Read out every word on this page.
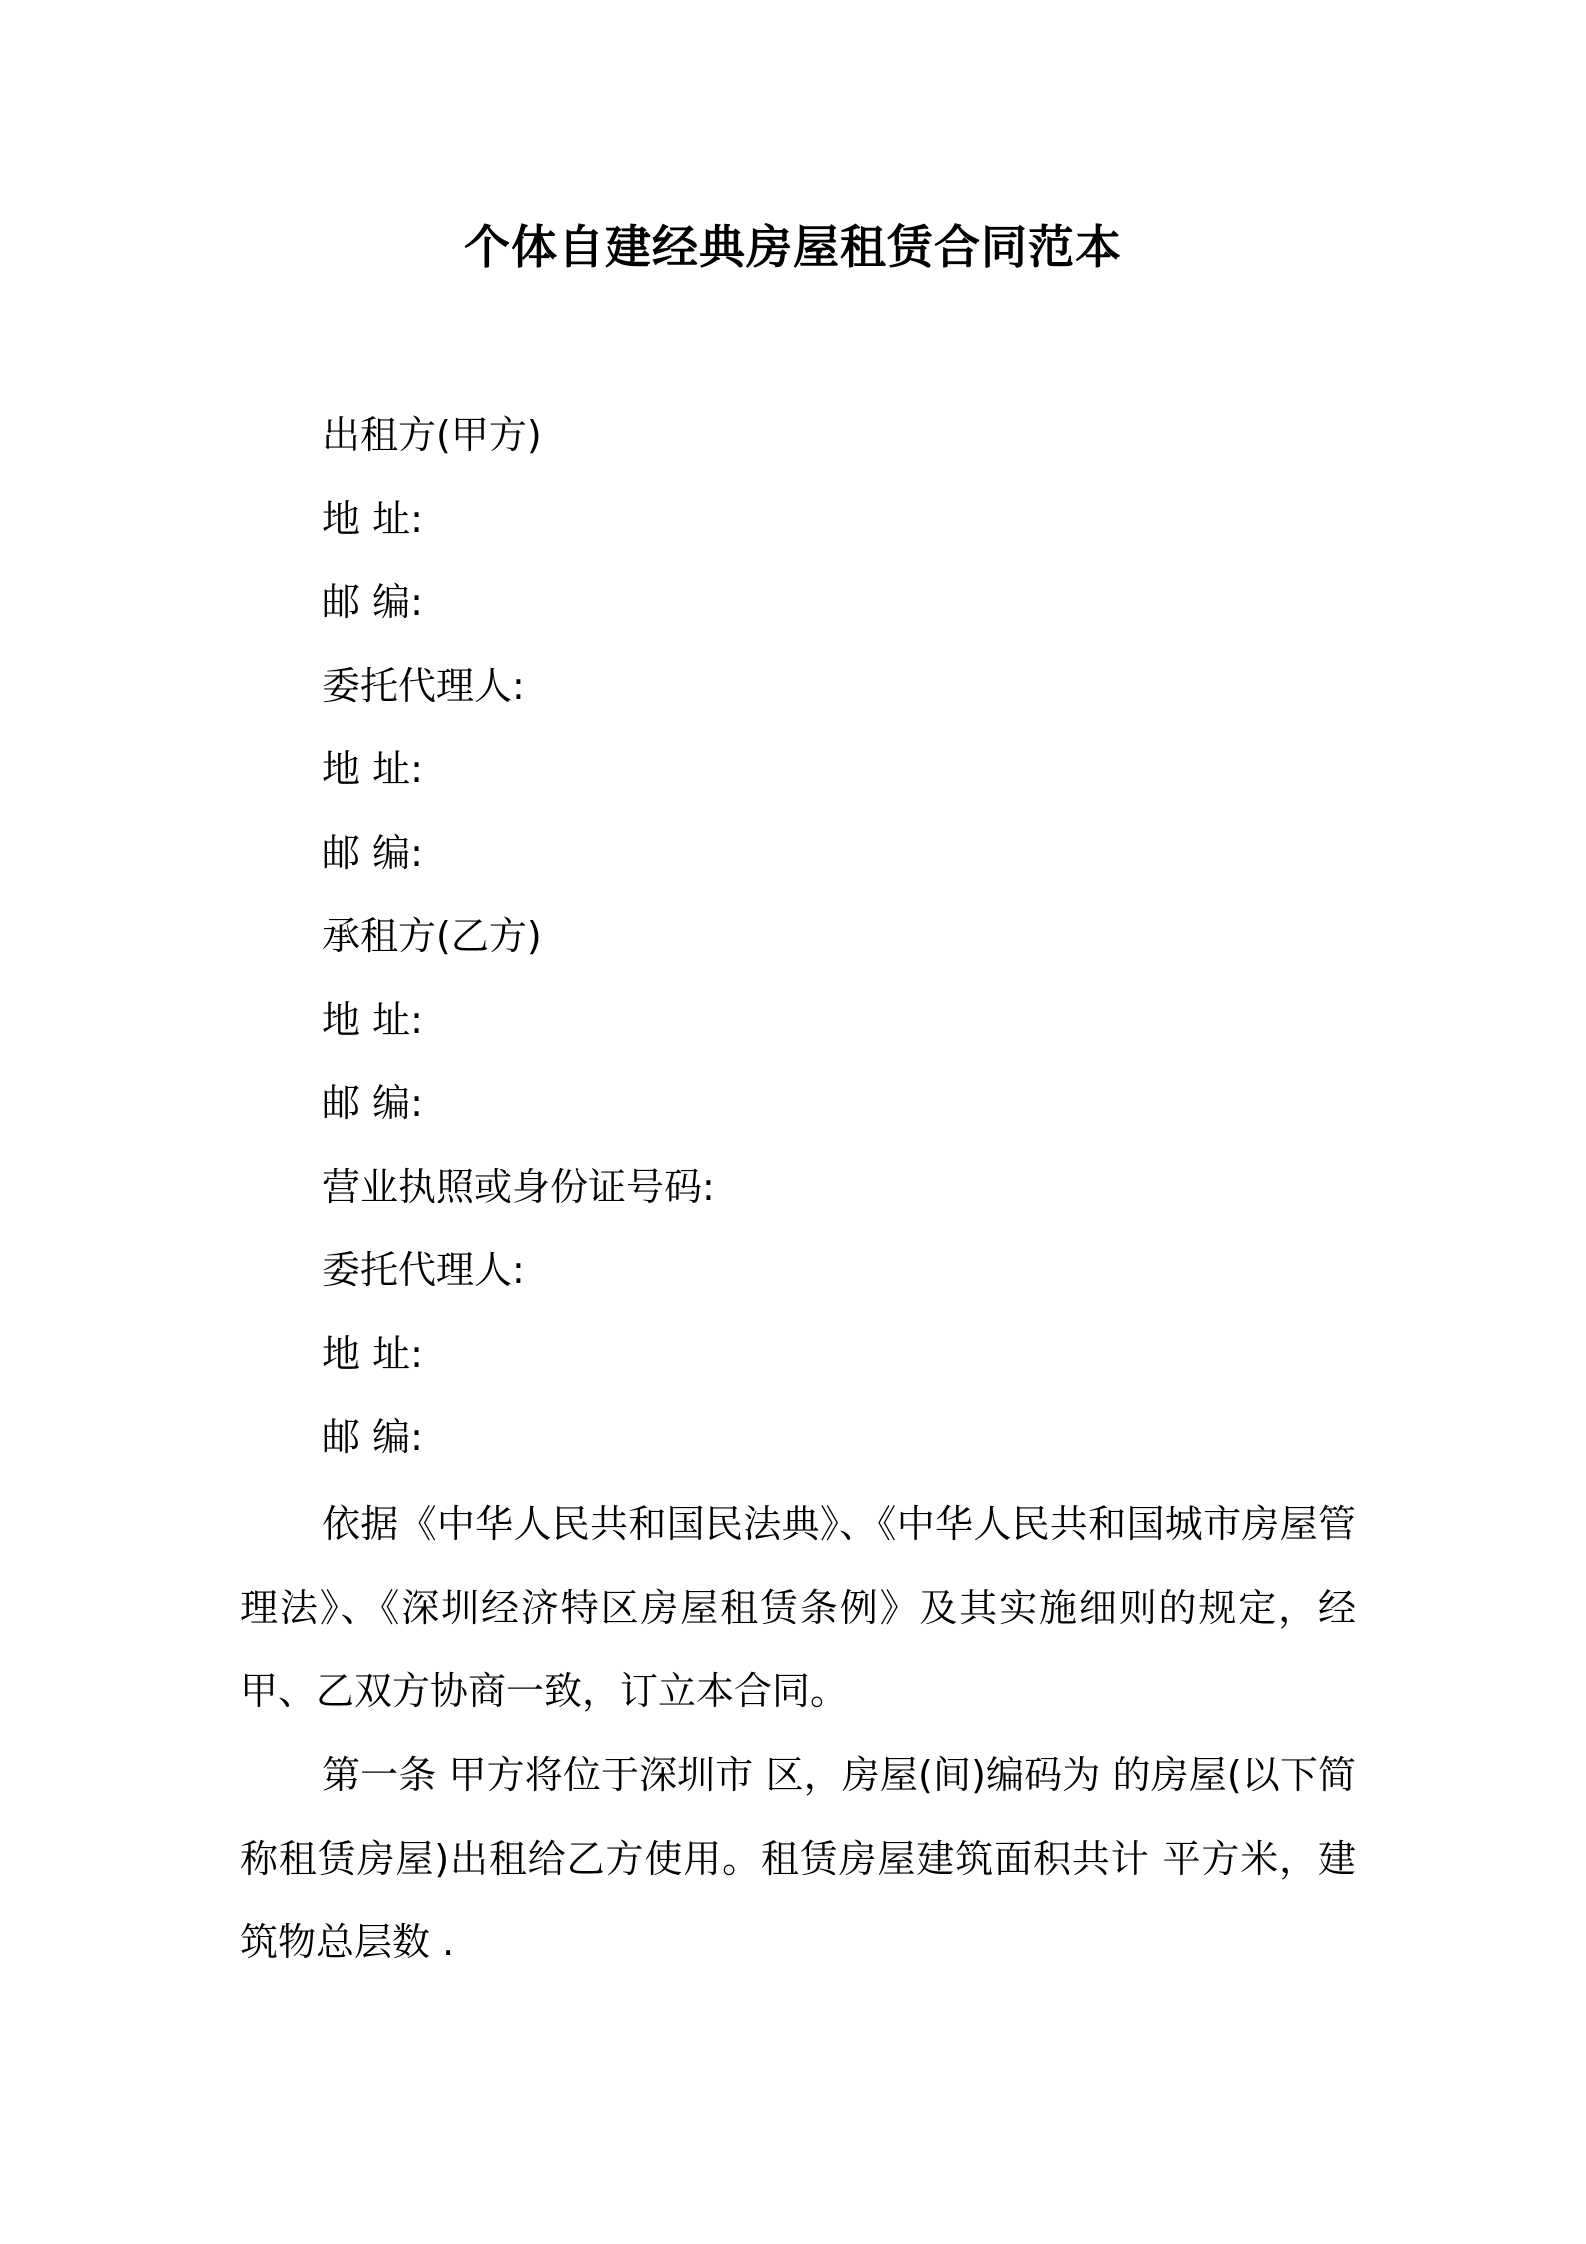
个体自建经典房屋租赁合同范本
出租方(甲方)
地 址:
邮 编:
委托代理人:
地 址:
邮 编:
承租方(乙方)
地 址:
邮 编:
营业执照或身份证号码:
委托代理人:
地 址:
邮 编:

依据《中华人民共和国民法典》、《中华人民共和国城市房屋管理法》、《深圳经济特区房屋租赁条例》及其实施细则的规定，经甲、乙双方协商一致，订立本合同。

第一条 甲方将位于深圳市 区，房屋(间)编码为 的房屋(以下简称租赁房屋)出租给乙方使用。租赁房屋建筑面积共计 平方米，建筑物总层数 .
